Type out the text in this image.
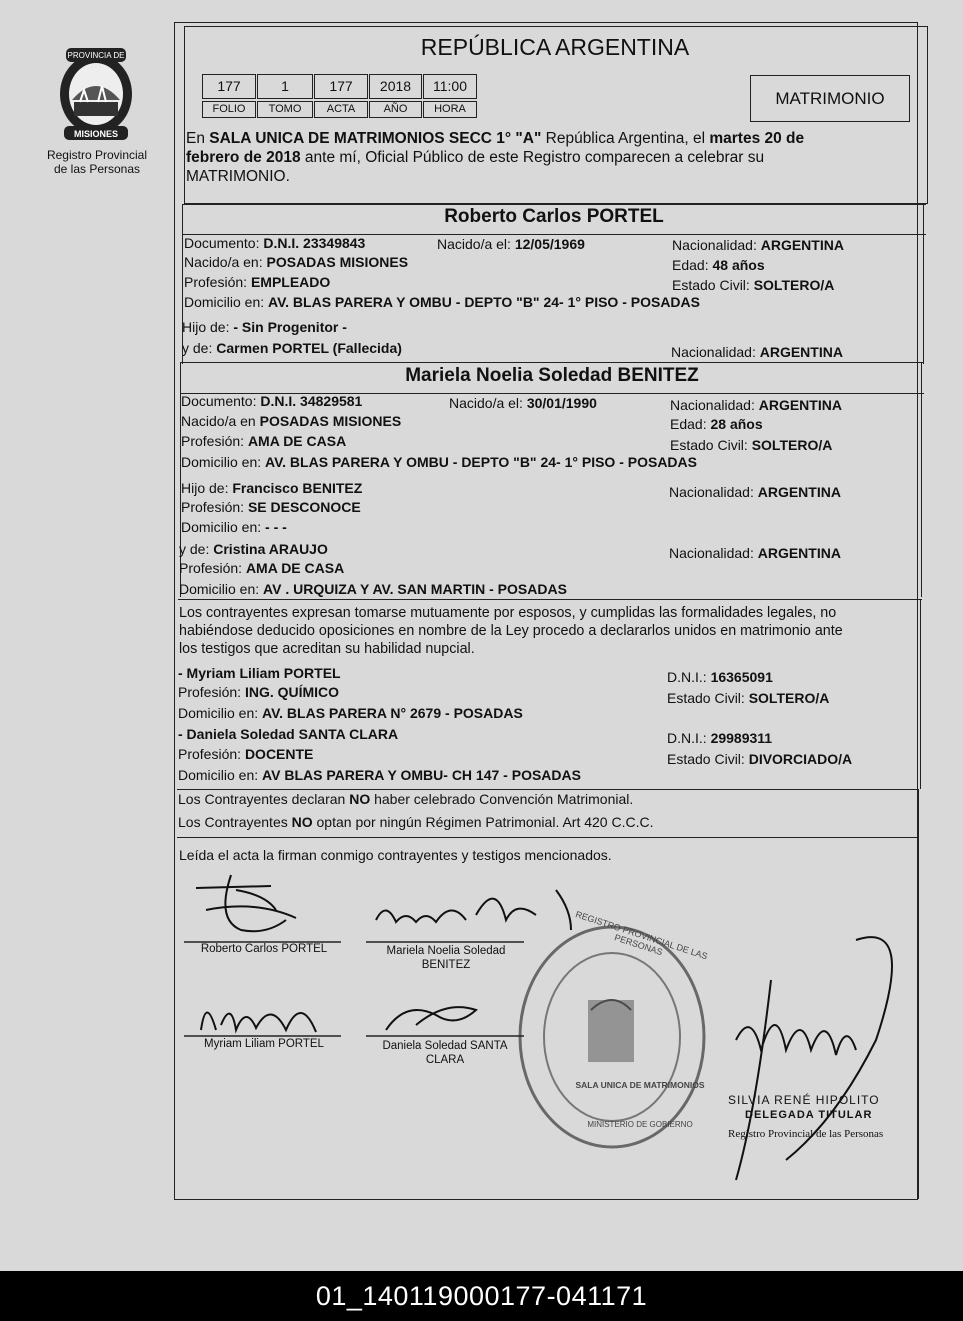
PROVINCIA DE
MISIONES
Registro Provincial
de las Personas
REPÚBLICA ARGENTINA
177	1	177	2018	11:00
FOLIO	TOMO	ACTA	AÑO	HORA
MATRIMONIO
En SALA UNICA DE MATRIMONIOS SECC 1° "A" República Argentina, el martes 20 de
febrero de 2018 ante mí, Oficial Público de este Registro comparecen a celebrar su
MATRIMONIO.
Roberto Carlos PORTEL
Documento: D.N.I. 23349843	Nacido/a el: 12/05/1969	Nacionalidad: ARGENTINA
Nacido/a en: POSADAS MISIONES	Edad: 48 años
Profesión: EMPLEADO	Estado Civil: SOLTERO/A
Domicilio en: AV. BLAS PARERA Y OMBU - DEPTO "B" 24- 1° PISO - POSADAS
Hijo de: - Sin Progenitor -
y de: Carmen PORTEL (Fallecida)	Nacionalidad: ARGENTINA
Mariela Noelia Soledad BENITEZ
Documento: D.N.I. 34829581	Nacido/a el: 30/01/1990	Nacionalidad: ARGENTINA
Nacido/a en POSADAS MISIONES	Edad: 28 años
Profesión: AMA DE CASA	Estado Civil: SOLTERO/A
Domicilio en: AV. BLAS PARERA Y OMBU - DEPTO "B" 24- 1° PISO - POSADAS
Hijo de: Francisco BENITEZ	Nacionalidad: ARGENTINA
Profesión: SE DESCONOCE
Domicilio en: - - -
y de: Cristina ARAUJO	Nacionalidad: ARGENTINA
Profesión: AMA DE CASA
Domicilio en: AV . URQUIZA Y AV. SAN MARTIN - POSADAS
Los contrayentes expresan tomarse mutuamente por esposos, y cumplidas las formalidades legales, no
habiéndose deducido oposiciones en nombre de la Ley procedo a declararlos unidos en matrimonio ante
los testigos que acreditan su habilidad nupcial.
- Myriam Liliam PORTEL	D.N.I.: 16365091
Profesión: ING. QUÍMICO	Estado Civil: SOLTERO/A
Domicilio en: AV. BLAS PARERA N° 2679 - POSADAS
- Daniela Soledad SANTA CLARA	D.N.I.: 29989311
Profesión: DOCENTE	Estado Civil: DIVORCIADO/A
Domicilio en: AV BLAS PARERA Y OMBU- CH 147 - POSADAS
Los Contrayentes declaran NO haber celebrado Convención Matrimonial.
Los Contrayentes NO optan por ningún Régimen Patrimonial. Art 420 C.C.C.
Leída el acta la firman conmigo contrayentes y testigos mencionados.
Roberto Carlos PORTEL	Mariela Noelia Soledad BENITEZ
Myriam Liliam PORTEL	Daniela Soledad SANTA CLARA
REGISTRO PROVINCIAL DE LAS PERSONAS
SALA UNICA DE MATRIMONIOS
MINISTERIO DE GOBIERNO
SILVIA RENÉ HIPOLITO
DELEGADA TITULAR
Registro Provincial de las Personas
01_140119000177-041171
